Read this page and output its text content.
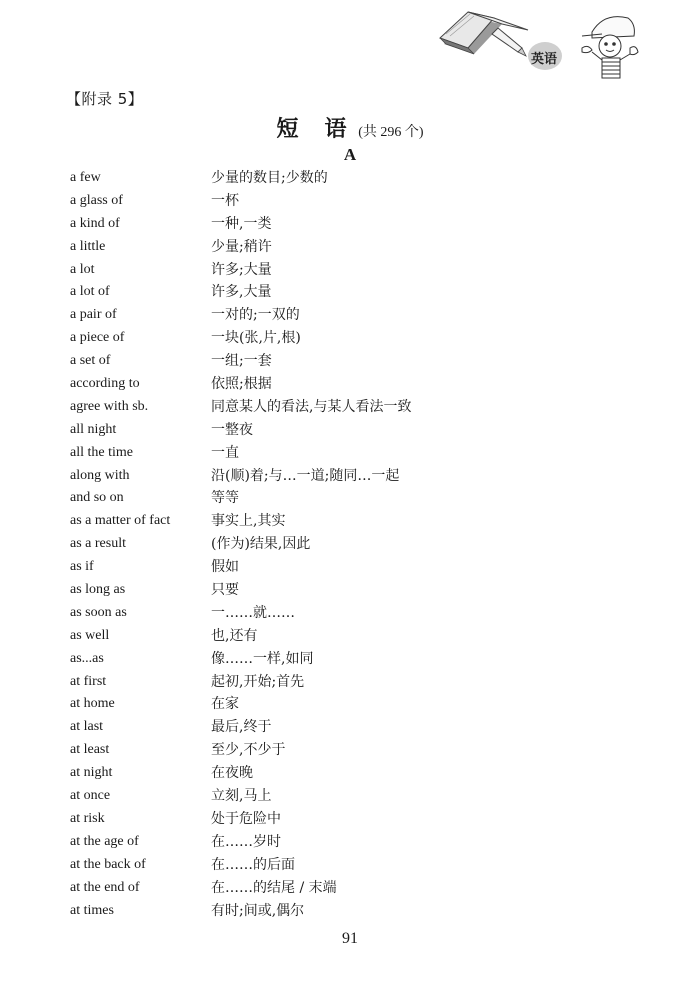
英语
【附录 5】
短 语 (共 296 个)
A
a few	少量的数目;少数的
a glass of	一杯
a kind of	一种,一类
a little	少量;稍许
a lot	许多;大量
a lot of	许多,大量
a pair of	一对的;一双的
a piece of	一块(张,片,根)
a set of	一组;一套
according to	依照;根据
agree with sb.	同意某人的看法,与某人看法一致
all night	一整夜
all the time	一直
along with	沿(顺)着;与…一道;随同…一起
and so on	等等
as a matter of fact	事实上,其实
as a result	(作为)结果,因此
as if	假如
as long as	只要
as soon as	一……就……
as well	也,还有
as...as	像……一样,如同
at first	起初,开始;首先
at home	在家
at last	最后,终于
at least	至少,不少于
at night	在夜晚
at once	立刻,马上
at risk	处于危险中
at the age of	在……岁时
at the back of	在……的后面
at the end of	在……的结尾 / 末端
at times	有时;间或,偶尔
91
